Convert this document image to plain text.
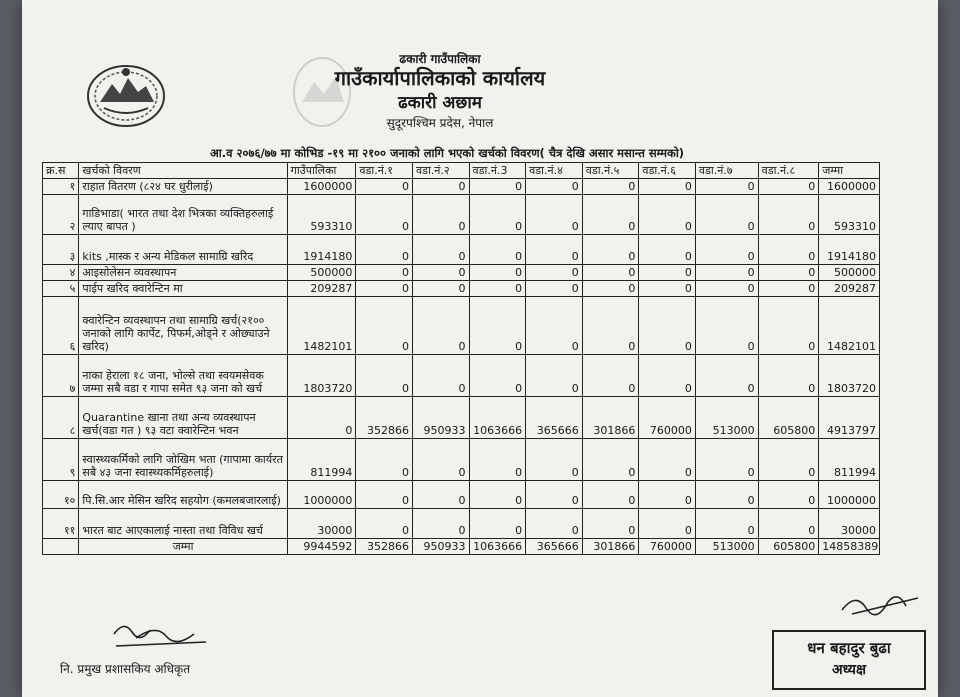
ढकारी गाउँपालिका
गाउँकार्यापालिकाको कार्यालय
ढकारी अछाम
सुदूरपश्चिम प्रदेस, नेपाल
आ.व २०७६/७७ मा कोभिड -१९ मा २१०० जनाको लागि भएको खर्चको विवरण( चैत्र देखि असार मसान्त सम्मको)
क्र.स	खर्चको विवरण	गाउँपालिका	वडा.नं.१	वडा.नं.२	वडा.नं.3	वडा.नं.४	वडा.नं.५	वडा.नं.६	वडा.नं.७	वडा.नं.८	जम्मा
१	राहात वितरण (८२४ घर धुरीलाई)	1600000	0	0	0	0	0	0	0	0	1600000
२	गाडिभाडा( भारत तथा देश भित्रका व्यक्तिहरुलाई ल्याए बापत )	593310	0	0	0	0	0	0	0	0	593310
३	kits ,मास्क र अन्य मेडिकल सामाग्रि खरिद	1914180	0	0	0	0	0	0	0	0	1914180
४	आइसोलेसन व्यवस्थापन	500000	0	0	0	0	0	0	0	0	500000
५	पाईप खरिद क्वारेन्टिन मा	209287	0	0	0	0	0	0	0	0	209287
६	क्वारेन्टिन व्यवस्थापन तथा सामाग्रि खर्च(२१०० जनाको लागि कार्पेट, पिफर्म,ओड्ने र ओछ्याउने खरिद)	1482101	0	0	0	0	0	0	0	0	1482101
७	नाका हेराला १८ जना, भोल्से तथा स्वयमसेवक जम्मा सबै वडा र गापा समेत ९३ जना को खर्च	1803720	0	0	0	0	0	0	0	0	1803720
८	Quarantine खाना तथा अन्य व्यवस्थापन खर्च(वडा गत ) ९३ वटा क्वारेन्टिन भवन	0	352866	950933	1063666	365666	301866	760000	513000	605800	4913797
९	स्वास्थ्यकर्मिको लागि जोखिम भता (गापामा कार्यरत सबै ४३ जना स्वास्थ्यकर्मिहरुलाई)	811994	0	0	0	0	0	0	0	0	811994
१०	पि.सि.आर मेसिन खरिद सहयोग (कमलबजारलाई)	1000000	0	0	0	0	0	0	0	0	1000000
११	भारत बाट आएकालाई नास्ता तथा विविध खर्च	30000	0	0	0	0	0	0	0	0	30000
	जम्मा	9944592	352866	950933	1063666	365666	301866	760000	513000	605800	14858389
नि. प्रमुख प्रशासकिय अधिकृत
धन बहादुर बुढा
अध्यक्ष
